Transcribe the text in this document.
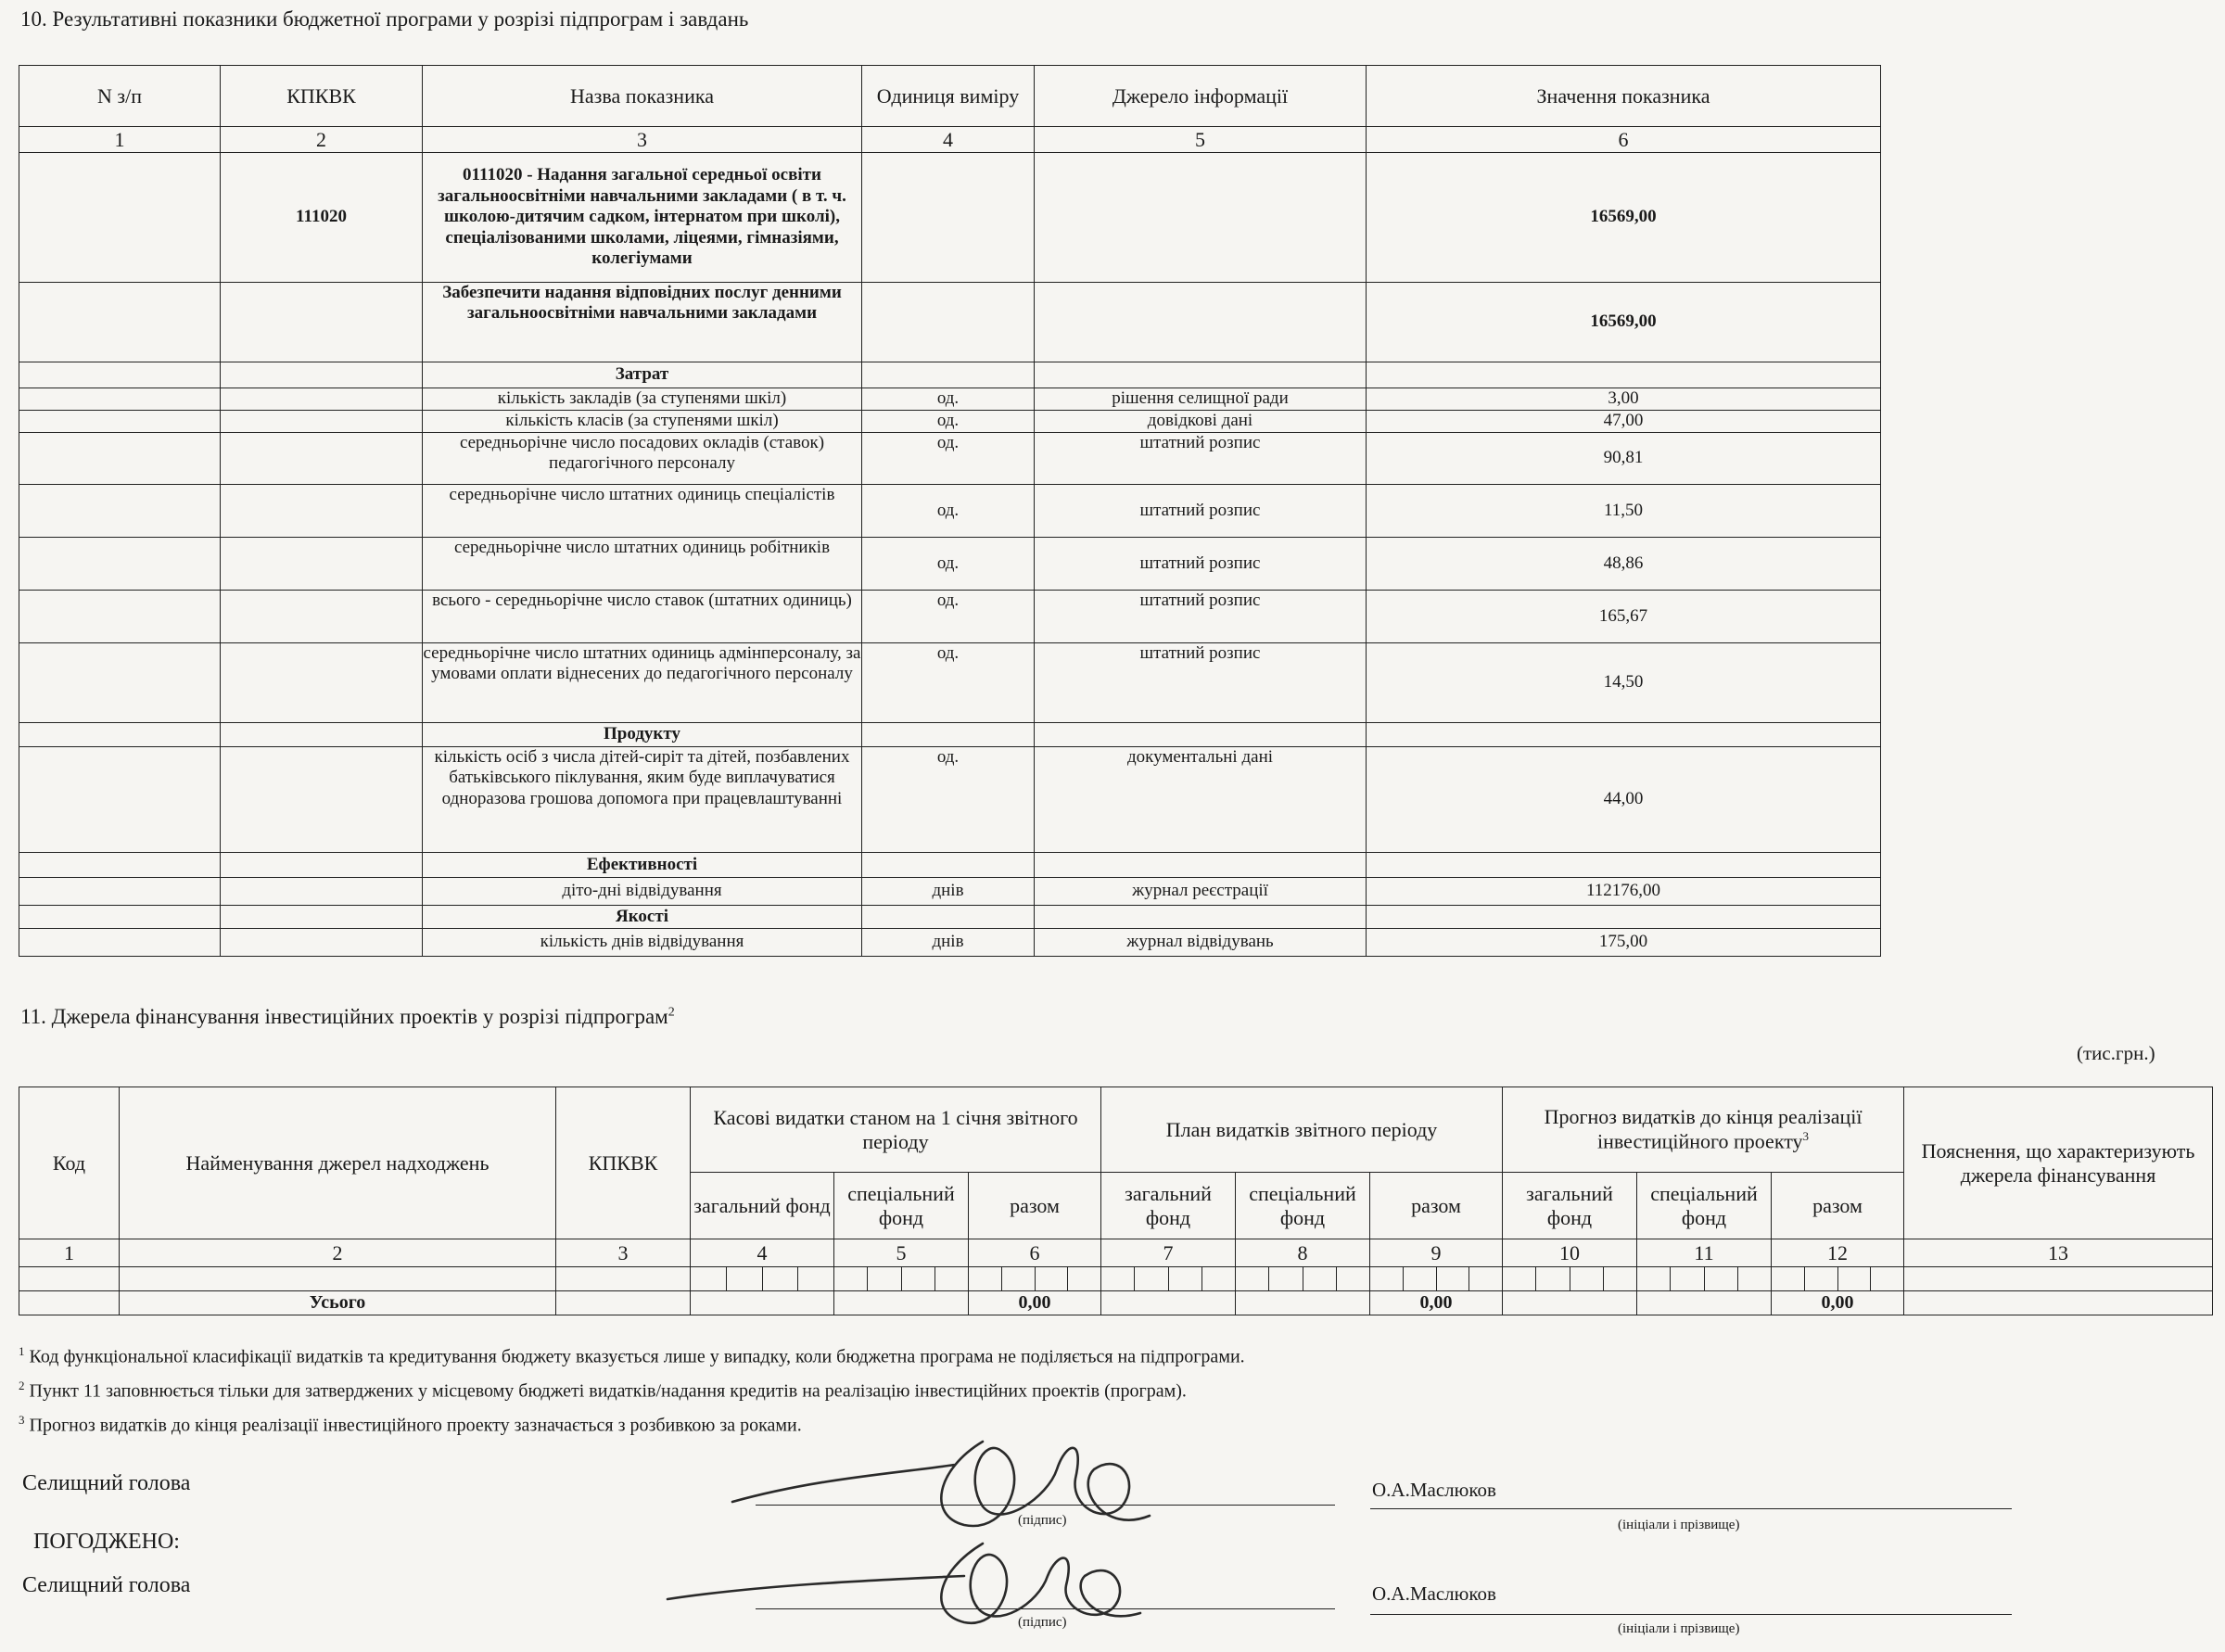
10. Результативні показники бюджетної програми у розрізі підпрограм і завдань
N з/п	КПКВК	Назва показника	Одиниця виміру	Джерело інформації	Значення показника
1	2	3	4	5	6
	111020	0111020 - Надання загальної середньої освіти загальноосвітніми навчальними закладами ( в т. ч. школою-дитячим садком, інтернатом при школі), спеціалізованими школами, ліцеями, гімназіями, колегіумами			16569,00
		Забезпечити надання відповідних послуг денними загальноосвітніми навчальними закладами			16569,00
		Затрат			
		кількість закладів (за ступенями шкіл)	од.	рішення селищної ради	3,00
		кількість класів (за ступенями шкіл)	од.	довідкові дані	47,00
		середньорічне число посадових окладів (ставок) педагогічного персоналу	од.	штатний розпис	90,81
		середньорічне число штатних одиниць спеціалістів	од.	штатний розпис	11,50
		середньорічне число штатних одиниць робітників	од.	штатний розпис	48,86
		всього - середньорічне число ставок (штатних одиниць)	од.	штатний розпис	165,67
		середньорічне число штатних одиниць адмінперсоналу, за умовами оплати віднесених до педагогічного персоналу	од.	штатний розпис	14,50
		Продукту			
		кількість осіб з числа дітей-сиріт та дітей, позбавлених батьківського піклування, яким буде виплачуватися одноразова грошова допомога при працевлаштуванні	од.	документальні дані	44,00
		Ефективності			
		діто-дні відвідування	днів	журнал реєстрації	112176,00
		Якості			
		кількість днів відвідування	днів	журнал відвідувань	175,00
11. Джерела фінансування інвестиційних проектів у розрізі підпрограм$^2$
(тис.грн.)
Код	Найменування джерел надходжень	КПКВК	Касові видатки станом на 1 січня звітного періоду			План видатків звітного періоду			Прогноз видатків до кінця реалізації інвестиційного проекту$^3$			Пояснення, що характеризують джерела фінансування
			загальний фонд	спеціальний фонд	разом	загальний фонд	спеціальний фонд	разом	загальний фонд	спеціальний фонд	разом	
1	2	3	4	5	6	7	8	9	10	11	12	13

	Усього				0,00			0,00			0,00	
$^1$ Код функціональної класифікації видатків та кредитування бюджету вказується лише у випадку, коли бюджетна програма не поділяється на підпрограми.
$^2$ Пункт 11 заповнюється тільки для затверджених у місцевому бюджеті видатків/надання кредитів на реалізацію інвестиційних проектів (програм).
$^3$ Прогноз видатків до кінця реалізації інвестиційного проекту зазначається з розбивкою за роками.
Селищний голова
(підпис)
О.А.Маслюков
(ініціали і прізвище)
ПОГОДЖЕНО:
Селищний голова
(підпис)
О.А.Маслюков
(ініціали і прізвище)
